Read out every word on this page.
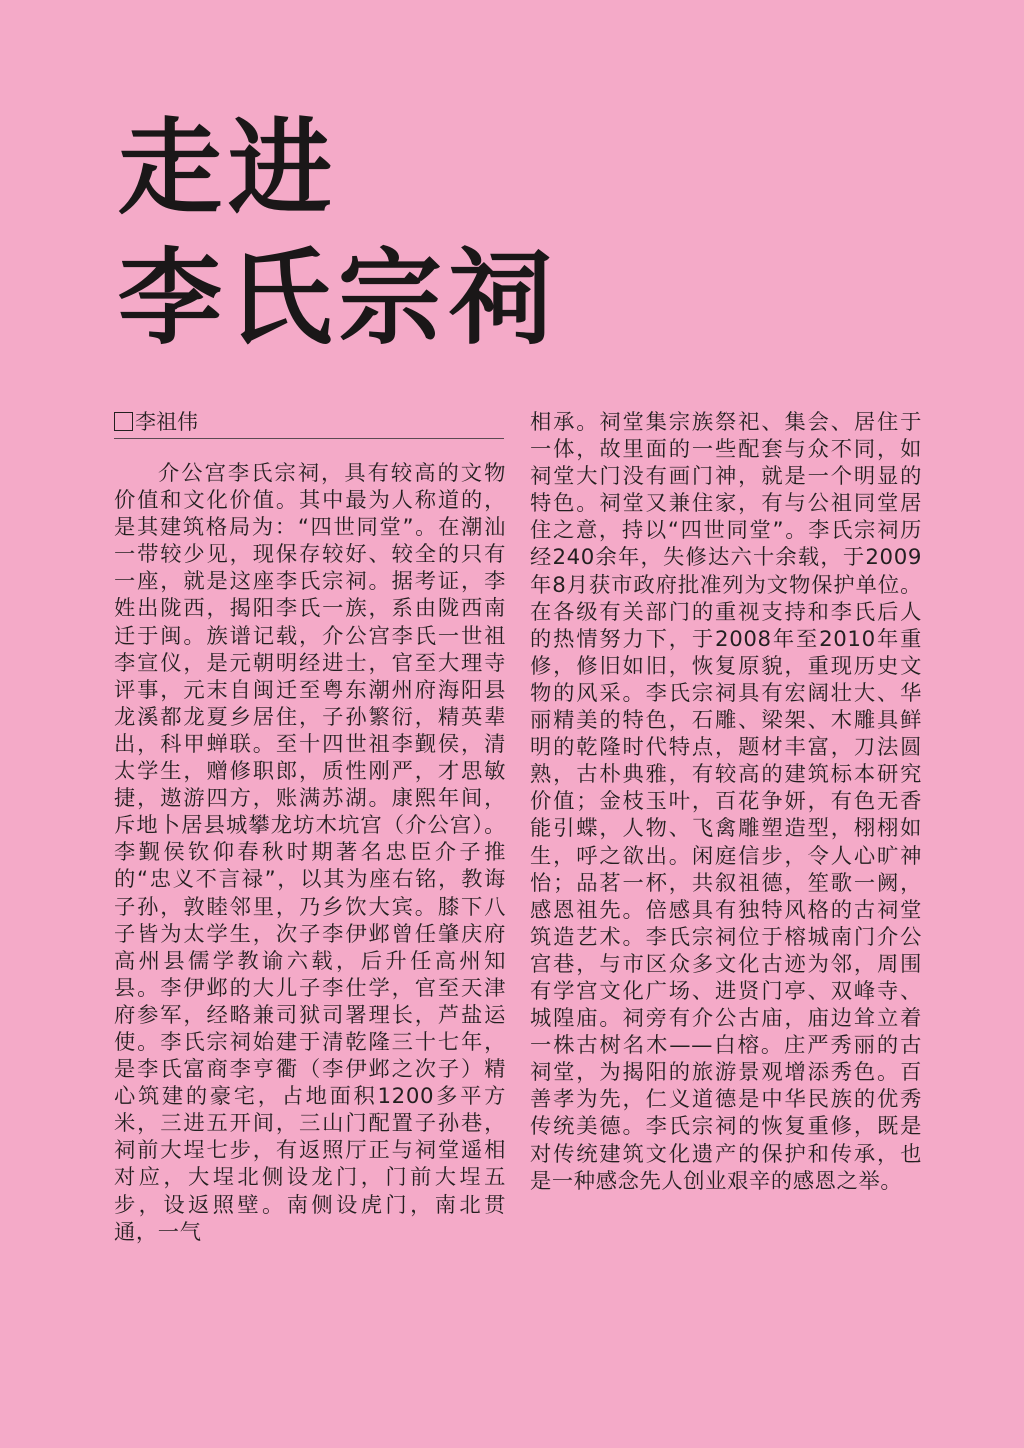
走进
李氏宗祠
李祖伟
介公宫李氏宗祠，具有较高的文物价值和文化价值。其中最为人称道的，是其建筑格局为：“四世同堂”。在潮汕一带较少见，现保存较好、较全的只有一座，就是这座李氏宗祠。据考证，李姓出陇西，揭阳李氏一族，系由陇西南迁于闽。族谱记载，介公宫李氏一世祖李宣仪，是元朝明经进士，官至大理寺评事，元末自闽迁至粤东潮州府海阳县龙溪都龙夏乡居住，子孙繁衍，精英辈出，科甲蝉联。至十四世祖李觐侯，清太学生，赠修职郎，质性刚严，才思敏捷，遨游四方，账满苏湖。康熙年间，斥地卜居县城攀龙坊木坑宫（介公宫）。李觐侯钦仰春秋时期著名忠臣介子推的“忠义不言禄”，以其为座右铭，教诲子孙，敦睦邻里，乃乡饮大宾。膝下八子皆为太学生，次子李伊邺曾任肇庆府高州县儒学教谕六载，后升任高州知县。李伊邺的大儿子李仕学，官至天津府参军，经略兼司狱司署理长，芦盐运使。李氏宗祠始建于清乾隆三十七年，是李氏富商李亨衢（李伊邺之次子）精心筑建的豪宅，占地面积1200多平方米，三进五开间，三山门配置子孙巷，祠前大埕七步，有返照厅正与祠堂遥相对应，大埕北侧设龙门，门前大埕五步，设返照壁。南侧设虎门，南北贯通，一气
相承。祠堂集宗族祭祀、集会、居住于一体，故里面的一些配套与众不同，如祠堂大门没有画门神，就是一个明显的特色。祠堂又兼住家，有与公祖同堂居住之意，持以“四世同堂”。李氏宗祠历经240余年，失修达六十余载，于2009年8月获市政府批准列为文物保护单位。在各级有关部门的重视支持和李氏后人的热情努力下，于2008年至2010年重修，修旧如旧，恢复原貌，重现历史文物的风采。李氏宗祠具有宏阔壮大、华丽精美的特色，石雕、梁架、木雕具鲜明的乾隆时代特点，题材丰富，刀法圆熟，古朴典雅，有较高的建筑标本研究价值；金枝玉叶，百花争妍，有色无香能引蝶，人物、飞禽雕塑造型，栩栩如生，呼之欲出。闲庭信步，令人心旷神怡；品茗一杯，共叙祖德，笙歌一阙，感恩祖先。倍感具有独特风格的古祠堂筑造艺术。李氏宗祠位于榕城南门介公宫巷，与市区众多文化古迹为邻，周围有学宫文化广场、进贤门亭、双峰寺、城隍庙。祠旁有介公古庙，庙边耸立着一株古树名木——白榕。庄严秀丽的古祠堂，为揭阳的旅游景观增添秀色。百善孝为先，仁义道德是中华民族的优秀传统美德。李氏宗祠的恢复重修，既是对传统建筑文化遗产的保护和传承，也是一种感念先人创业艰辛的感恩之举。
